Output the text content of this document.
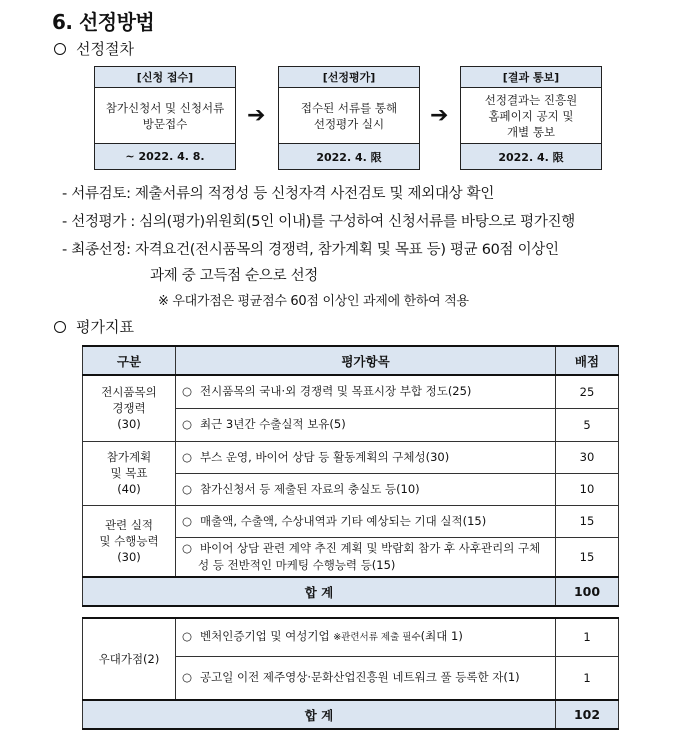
6. 선정방법
선정절차
[신청 접수]
참가신청서 및 신청서류
방문접수
~ 2022. 4. 8.
➔
[선정평가]
접수된 서류를 통해
선정평가 실시
2022. 4. 限
➔
[결과 통보]
선정결과는 진흥원
홈페이지 공지 및
개별 통보
2022. 4. 限
- 서류검토: 제출서류의 적정성 등 신청자격 사전검토 및 제외대상 확인
- 선정평가 : 심의(평가)위원회(5인 이내)를 구성하여 신청서류를 바탕으로 평가진행
- 최종선정: 자격요건(전시품목의 경쟁력, 참가계획 및 목표 등) 평균 60점 이상인
과제 중 고득점 순으로 선정
※ 우대가점은 평균점수 60점 이상인 과제에 한하여 적용
평가지표
구분	평가항목	배점
전시품목의
경쟁력
(30)	○ 전시품목의 국내·외 경쟁력 및 목표시장 부합 정도(25)	25
	○ 최근 3년간 수출실적 보유(5)	5
참가계획
및 목표
(40)	○ 부스 운영, 바이어 상담 등 활동계획의 구체성(30)	30
	○ 참가신청서 등 제출된 자료의 충실도 등(10)	10
관련 실적
및 수행능력
(30)	○ 매출액, 수출액, 수상내역과 기타 예상되는 기대 실적(15)	15
	○ 바이어 상담 관련 계약 추진 계획 및 박람회 참가 후 사후관리의 구체성 등 전반적인 마케팅 수행능력 등(15)	15
합 계		100

우대가점(2)	○ 벤처인증기업 및 여성기업 ※관련서류 제출 필수(최대 1)	1
	○ 공고일 이전 제주영상·문화산업진흥원 네트워크 풀 등록한 자(1)	1
합 계		102
